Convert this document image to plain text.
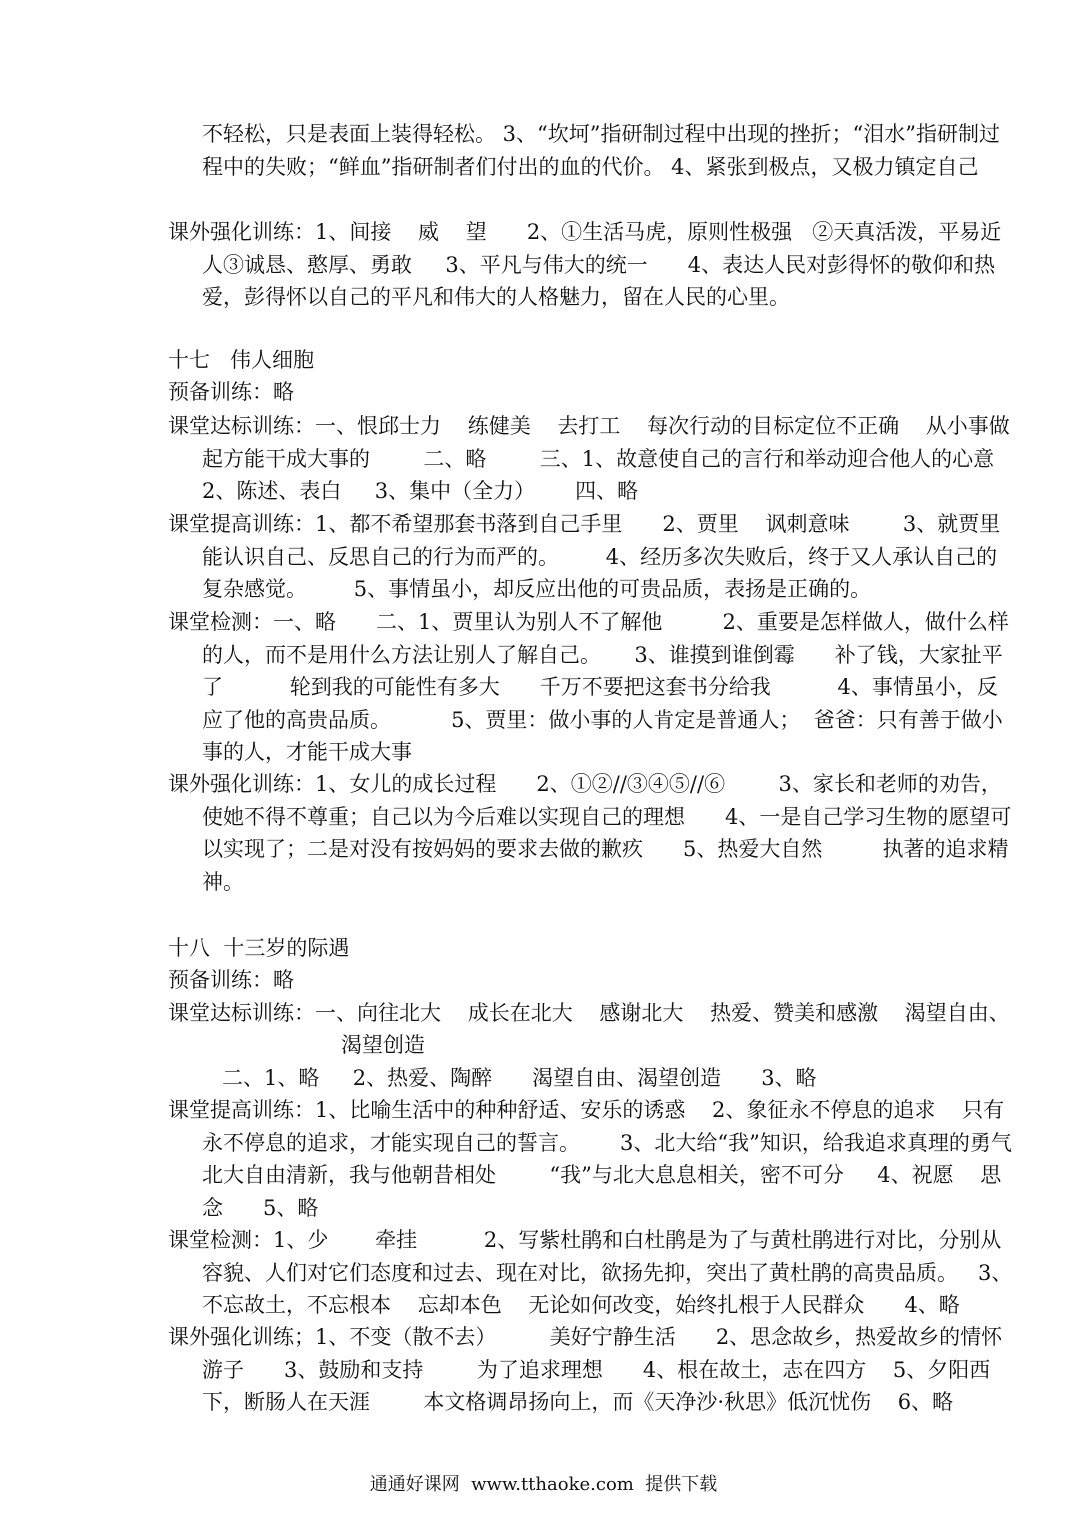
不轻松，只是表面上装得轻松。 3、“坎坷”指研制过程中出现的挫折；“泪水”指研制过程中的失败；“鲜血”指研制者们付出的血的代价。 4、紧张到极点，又极力镇定自己

课外强化训练：1、间接    威    望      2、①生活马虎，原则性极强   ②天真活泼，平易近人③诚恳、憨厚、勇敢     3、平凡与伟大的统一      4、表达人民对彭得怀的敬仰和热爱，彭得怀以自己的平凡和伟大的人格魅力，留在人民的心里。

十七   伟人细胞

预备训练：略

课堂达标训练：一、恨邱士力    练健美    去打工    每次行动的目标定位不正确    从小事做起方能干成大事的        二、略        三、1、故意使自己的言行和举动迎合他人的心意    2、陈述、表白     3、集中（全力）      四、略

课堂提高训练：1、都不希望那套书落到自己手里      2、贾里    讽刺意味        3、就贾里能认识自己、反思自己的行为而严的。       4、经历多次失败后，终于又人承认自己的复杂感觉。       5、事情虽小，却反应出他的可贵品质，表扬是正确的。

课堂检测：一、略      二、1、贾里认为别人不了解他         2、重要是怎样做人，做什么样的人，而不是用什么方法让别人了解自己。     3、谁摸到谁倒霉      补了钱，大家扯平了          轮到我的可能性有多大      千万不要把这套书分给我          4、事情虽小，反应了他的高贵品质。         5、贾里：做小事的人肯定是普通人；  爸爸：只有善于做小事的人，才能干成大事

课外强化训练：1、女儿的成长过程      2、①②//③④⑤//⑥        3、家长和老师的劝告，使她不得不尊重；自己以为今后难以实现自己的理想      4、一是自己学习生物的愿望可以实现了；二是对没有按妈妈的要求去做的歉疚      5、热爱大自然         执著的追求精神。

十八  十三岁的际遇

预备训练：略

课堂达标训练：一、向往北大    成长在北大    感谢北大    热爱、赞美和感激    渴望自由、

渴望创造

二、1、略     2、热爱、陶醉      渴望自由、渴望创造      3、略

课堂提高训练：1、比喻生活中的种种舒适、安乐的诱惑    2、象征永不停息的追求    只有永不停息的追求，才能实现自己的誓言。      3、北大给“我”知识，给我追求真理的勇气      北大自由清新，我与他朝昔相处        “我”与北大息息相关，密不可分     4、祝愿    思念      5、略

课堂检测：1、少       牵挂          2、写紫杜鹃和白杜鹃是为了与黄杜鹃进行对比，分别从容貌、人们对它们态度和过去、现在对比，欲扬先抑，突出了黄杜鹃的高贵品质。   3、不忘故土，不忘根本    忘却本色    无论如何改变，始终扎根于人民群众      4、略

课外强化训练；1、不变（散不去）        美好宁静生活      2、思念故乡，热爱故乡的情怀    游子      3、鼓励和支持        为了追求理想      4、根在故土，志在四方    5、夕阳西下，断肠人在天涯        本文格调昂扬向上，而《天净沙·秋思》低沉忧伤    6、略

通通好课网  www.tthaoke.com  提供下载
